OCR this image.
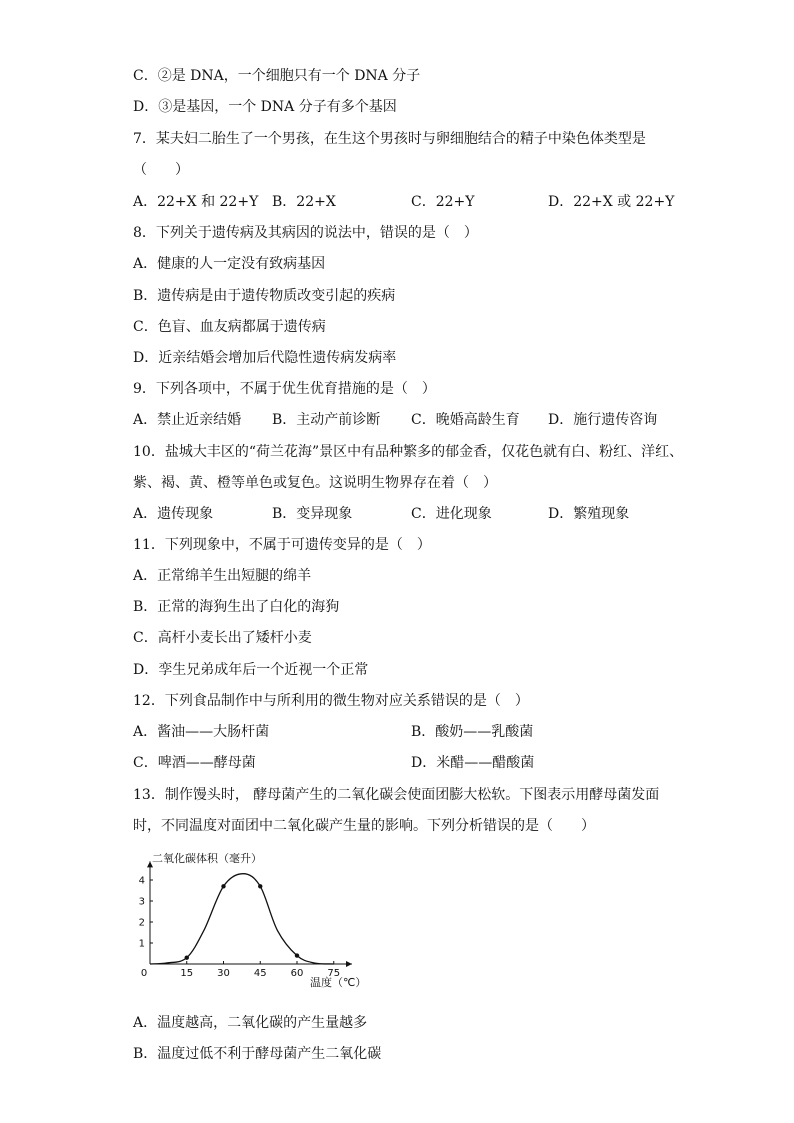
C．②是 DNA，一个细胞只有一个 DNA 分子
D．③是基因，一个 DNA 分子有多个基因
7．某夫妇二胎生了一个男孩，在生这个男孩时与卵细胞结合的精子中染色体类型是
（　　）
A．22+X 和 22+Y B．22+X	C．22+Y	D．22+X 或 22+Y
8．下列关于遗传病及其病因的说法中，错误的是（　）
A．健康的人一定没有致病基因
B．遗传病是由于遗传物质改变引起的疾病
C．色盲、血友病都属于遗传病
D．近亲结婚会增加后代隐性遗传病发病率
9．下列各项中，不属于优生优育措施的是（　）
A．禁止近亲结婚 B．主动产前诊断 C．晚婚高龄生育 D．施行遗传咨询
10．盐城大丰区的“荷兰花海”景区中有品种繁多的郁金香，仅花色就有白、粉红、洋红、
紫、褐、黄、橙等单色或复色。这说明生物界存在着（　）
A．遗传现象	B．变异现象	C．进化现象	D．繁殖现象
11．下列现象中，不属于可遗传变异的是（　）
A．正常绵羊生出短腿的绵羊
B．正常的海狗生出了白化的海狗
C．高杆小麦长出了矮杆小麦
D．孪生兄弟成年后一个近视一个正常
12．下列食品制作中与所利用的微生物对应关系错误的是（　）
A．酱油——大肠杆菌	B．酸奶——乳酸菌
C．啤酒——酵母菌	D．米醋——醋酸菌
13．制作馒头时， 酵母菌产生的二氧化碳会使面团膨大松软。下图表示用酵母菌发面
时，不同温度对面团中二氧化碳产生量的影响。下列分析错误的是（　　）
0	15 30 45 60 75
1
2
3
4
二氧化碳体积（毫升）
温度（℃）
A．温度越高，二氧化碳的产生量越多
B．温度过低不利于酵母菌产生二氧化碳
